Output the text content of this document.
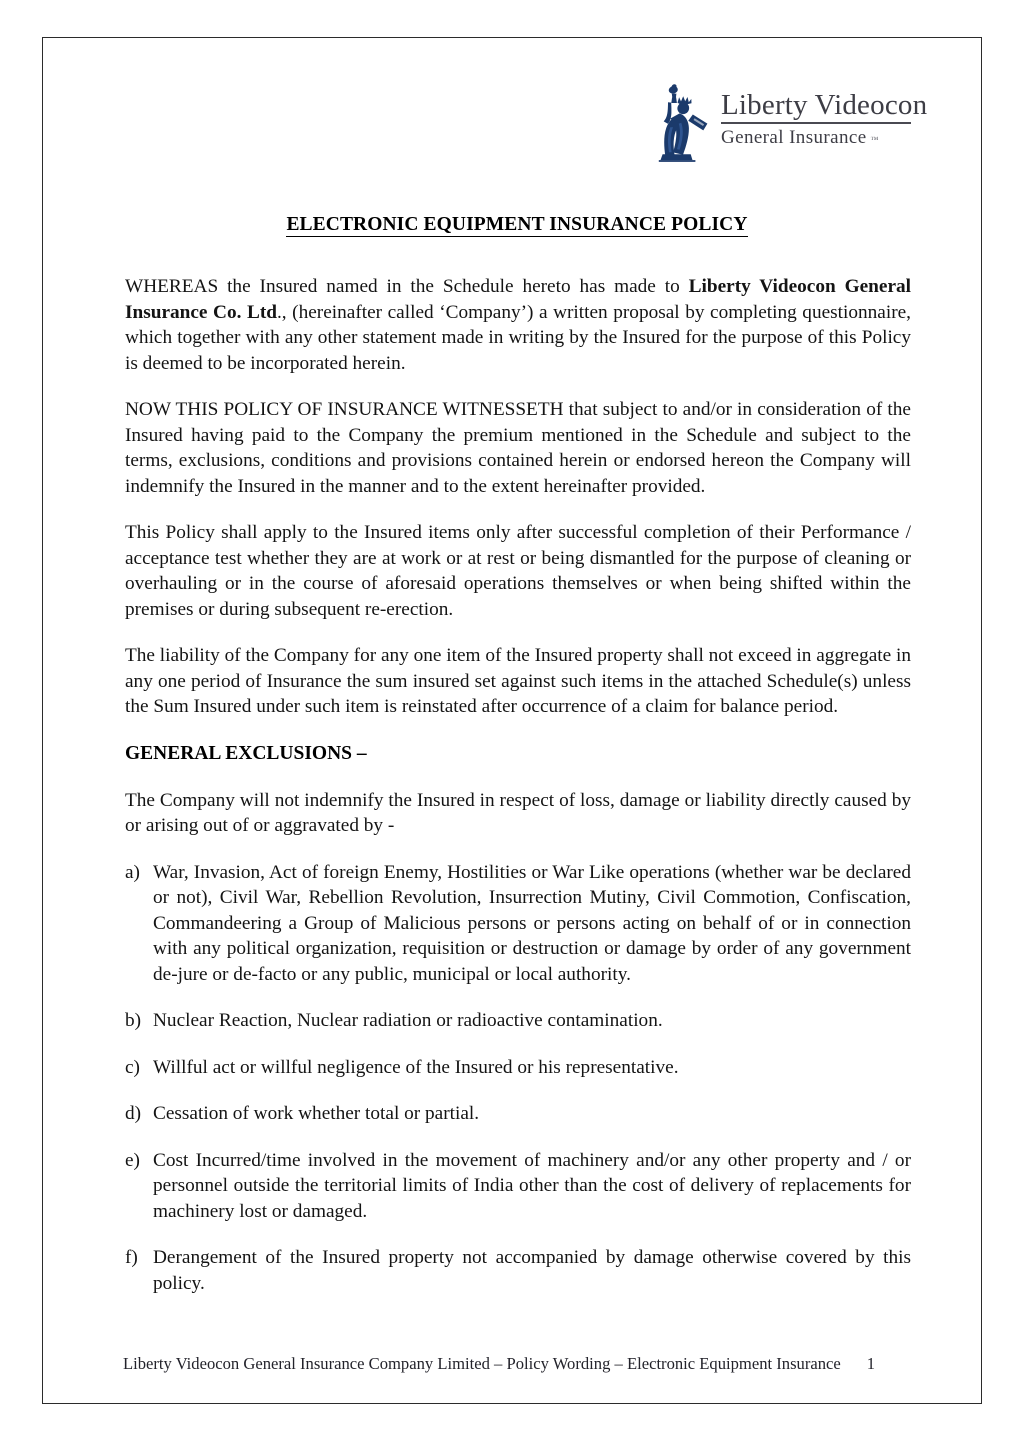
Liberty Videocon
General Insurance ™
ELECTRONIC EQUIPMENT INSURANCE POLICY

WHEREAS the Insured named in the Schedule hereto has made to Liberty Videocon General Insurance Co. Ltd., (hereinafter called ‘Company’) a written proposal by completing questionnaire, which together with any other statement made in writing by the Insured for the purpose of this Policy is deemed to be incorporated herein.

NOW THIS POLICY OF INSURANCE WITNESSETH that subject to and/or in consideration of the Insured having paid to the Company the premium mentioned in the Schedule and subject to the terms, exclusions, conditions and provisions contained herein or endorsed hereon the Company will indemnify the Insured in the manner and to the extent hereinafter provided.

This Policy shall apply to the Insured items only after successful completion of their Performance / acceptance test whether they are at work or at rest or being dismantled for the purpose of cleaning or overhauling or in the course of aforesaid operations themselves or when being shifted within the premises or during subsequent re-erection.

The liability of the Company for any one item of the Insured property shall not exceed in aggregate in any one period of Insurance the sum insured set against such items in the attached Schedule(s) unless the Sum Insured under such item is reinstated after occurrence of a claim for balance period.

GENERAL EXCLUSIONS –

The Company will not indemnify the Insured in respect of loss, damage or liability directly caused by or arising out of or aggravated by -

a) War, Invasion, Act of foreign Enemy, Hostilities or War Like operations (whether war be declared or not), Civil War, Rebellion Revolution, Insurrection Mutiny, Civil Commotion, Confiscation, Commandeering a Group of Malicious persons or persons acting on behalf of or in connection with any political organization, requisition or destruction or damage by order of any government de-jure or de-facto or any public, municipal or local authority.
b) Nuclear Reaction, Nuclear radiation or radioactive contamination.
c) Willful act or willful negligence of the Insured or his representative.
d) Cessation of work whether total or partial.
e) Cost Incurred/time involved in the movement of machinery and/or any other property and / or personnel outside the territorial limits of India other than the cost of delivery of replacements for machinery lost or damaged.
f) Derangement of the Insured property not accompanied by damage otherwise covered by this policy.
Liberty Videocon General Insurance Company Limited – Policy Wording – Electronic Equipment Insurance 1
